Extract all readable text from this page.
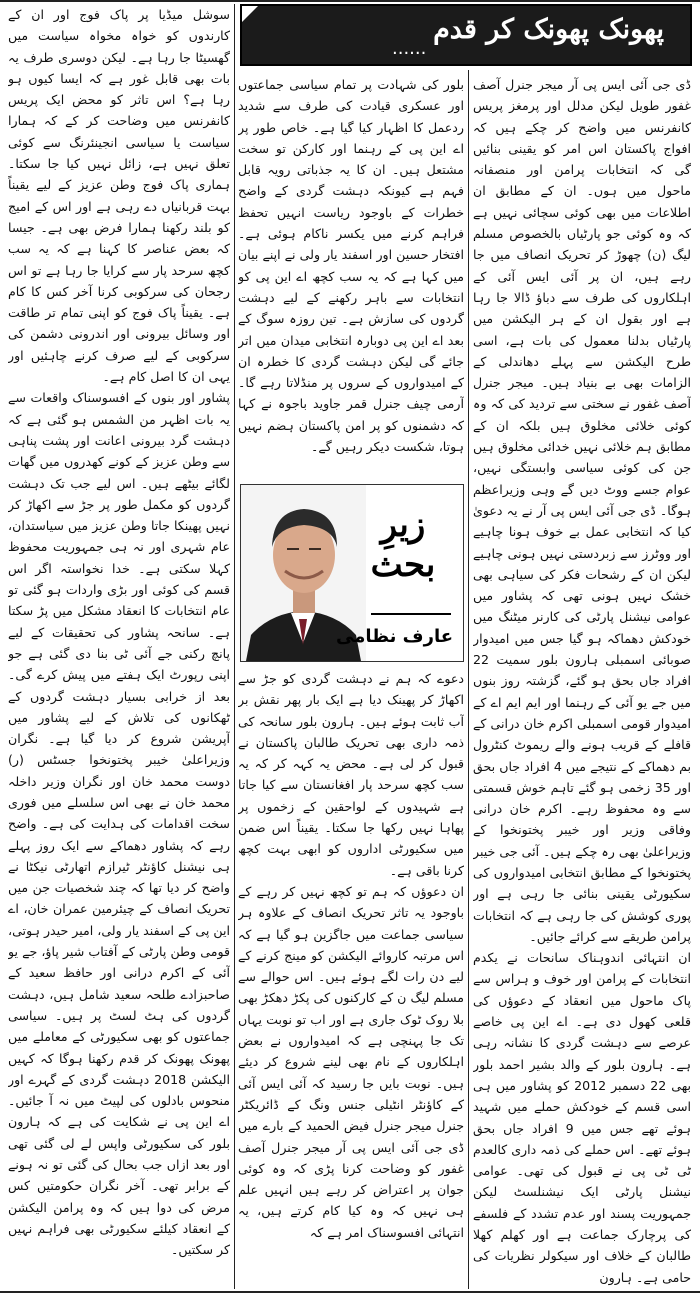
پھونک پھونک کر قدم
......

ڈی جی آئی ایس پی آر میجر جنرل آصف غفور طویل لیکن مدلل اور پرمغز پریس کانفرنس میں واضح کر چکے ہیں کہ افواج پاکستان اس امر کو یقینی بنائیں گی کہ انتخابات پرامن اور منصفانہ ماحول میں ہوں۔ ان کے مطابق ان اطلاعات میں بھی کوئی سچائی نہیں ہے کہ وہ کوئی جو پارٹیاں بالخصوص مسلم لیگ (ن) چھوڑ کر تحریک انصاف میں جا رہے ہیں، ان پر آئی ایس آئی کے اہلکاروں کی طرف سے دباؤ ڈالا جا رہا ہے اور بقول ان کے ہر الیکشن میں پارٹیاں بدلنا معمول کی بات ہے، اسی طرح الیکشن سے پہلے دھاندلی کے الزامات بھی بے بنیاد ہیں۔ میجر جنرل آصف غفور نے سختی سے تردید کی کہ وہ کوئی خلائی مخلوق ہیں بلکہ ان کے مطابق ہم خلائی نہیں خدائی مخلوق ہیں جن کی کوئی سیاسی وابستگی نہیں، عوام جسے ووٹ دیں گے وہی وزیراعظم ہوگا۔ ڈی جی آئی ایس پی آر نے یہ دعویٰ کیا کہ انتخابی عمل بے خوف ہونا چاہیے اور ووٹرز سے زبردستی نہیں ہونی چاہیے لیکن ان کے رشحات فکر کی سیاہی بھی خشک نہیں ہونی تھی کہ پشاور میں عوامی نیشنل پارٹی کی کارنر میٹنگ میں خودکش دھماکہ ہو گیا جس میں امیدوار صوبائی اسمبلی ہارون بلور سمیت 22 افراد جاں بحق ہو گئے، گزشتہ روز بنوں میں جے یو آئی کے رہنما اور ایم ایم اے کے امیدوار قومی اسمبلی اکرم خان درانی کے قافلے کے قریب ہونے والے ریموٹ کنٹرول بم دھماکے کے نتیجے میں 4 افراد جاں بحق اور 35 زخمی ہو گئے تاہم خوش قسمتی سے وہ محفوظ رہے۔ اکرم خان درانی وفاقی وزیر اور خیبر پختونخوا کے وزیراعلیٰ بھی رہ چکے ہیں۔ آئی جی خیبر پختونخوا کے مطابق انتخابی امیدواروں کی سکیورٹی یقینی بنائی جا رہی ہے اور پوری کوشش کی جا رہی ہے کہ انتخابات پرامن طریقے سے کرائے جائیں۔

ان انتہائی اندوہناک سانحات نے یکدم انتخابات کے پرامن اور خوف و ہراس سے پاک ماحول میں انعقاد کے دعوؤں کی قلعی کھول دی ہے۔ اے این پی خاصے عرصے سے دہشت گردی کا نشانہ رہی ہے۔ ہارون بلور کے والد بشیر احمد بلور بھی 22 دسمبر 2012 کو پشاور میں ہی اسی قسم کے خودکش حملے میں شہید ہوئے تھے جس میں 9 افراد جاں بحق ہوئے تھے۔ اس حملے کی ذمہ داری کالعدم ٹی ٹی پی نے قبول کی تھی۔ عوامی نیشنل پارٹی ایک نیشنلسٹ لیکن جمہوریت پسند اور عدم تشدد کے فلسفے کی پرچارک جماعت ہے اور کھلم کھلا طالبان کے خلاف اور سیکولر نظریات کی حامی ہے۔ ہارون

بلور کی شہادت پر تمام سیاسی جماعتوں اور عسکری قیادت کی طرف سے شدید ردعمل کا اظہار کیا گیا ہے۔ خاص طور پر اے این پی کے رہنما اور کارکن تو سخت مشتعل ہیں۔ ان کا یہ جذباتی رویہ قابل فہم ہے کیونکہ دہشت گردی کے واضح خطرات کے باوجود ریاست انہیں تحفظ فراہم کرنے میں یکسر ناکام ہوئی ہے۔ افتخار حسین اور اسفند یار ولی نے اپنے بیان میں کہا ہے کہ یہ سب کچھ اے این پی کو انتخابات سے باہر رکھنے کے لیے دہشت گردوں کی سازش ہے۔ تین روزہ سوگ کے بعد اے این پی دوبارہ انتخابی میدان میں اتر جائے گی لیکن دہشت گردی کا خطرہ ان کے امیدواروں کے سروں پر منڈلاتا رہے گا۔ آرمی چیف جنرل قمر جاوید باجوہ نے کہا کہ دشمنوں کو پر امن پاکستان ہضم نہیں ہوتا، شکست دیکر رہیں گے۔

زیرِ بحث
عارف نظامی

دعوے کہ ہم نے دہشت گردی کو جڑ سے اکھاڑ کر پھینک دیا ہے ایک بار پھر نقش بر آب ثابت ہوئے ہیں۔ ہارون بلور سانحہ کی ذمہ داری بھی تحریک طالبان پاکستان نے قبول کر لی ہے۔ محض یہ کہہ کر کہ یہ سب کچھ سرحد پار افغانستان سے کیا جاتا ہے شہیدوں کے لواحقین کے زخموں پر پھاہا نہیں رکھا جا سکتا۔ یقیناً اس ضمن میں سکیورٹی اداروں کو ابھی بہت کچھ کرنا باقی ہے۔

ان دعوؤں کہ ہم تو کچھ نہیں کر رہے کے باوجود یہ تاثر تحریک انصاف کے علاوہ ہر سیاسی جماعت میں جاگزین ہو گیا ہے کہ اس مرتبہ کاروائے الیکشن کو مینج کرنے کے لیے دن رات لگے ہوئے ہیں۔ اس حوالے سے مسلم لیگ ن کے کارکنوں کی پکڑ دھکڑ بھی بلا روک ٹوک جاری ہے اور اب تو نوبت یہاں تک جا پہنچی ہے کہ امیدواروں نے بعض اہلکاروں کے نام بھی لینے شروع کر دیئے ہیں۔ نوبت بایں جا رسید کہ آئی ایس آئی کے کاؤنٹر انٹیلی جنس ونگ کے ڈائریکٹر جنرل میجر جنرل فیض الحمید کے بارے میں ڈی جی آئی ایس پی آر میجر جنرل آصف غفور کو وضاحت کرنا پڑی کہ وہ کوئی جوان پر اعتراض کر رہے ہیں انہیں علم ہی نہیں کہ وہ کیا کام کرتے ہیں، یہ انتہائی افسوسناک امر ہے کہ

سوشل میڈیا پر پاک فوج اور ان کے کارندوں کو خواہ مخواہ سیاست میں گھسیٹا جا رہا ہے۔ لیکن دوسری طرف یہ بات بھی قابل غور ہے کہ ایسا کیوں ہو رہا ہے؟ اس تاثر کو محض ایک پریس کانفرنس میں وضاحت کر کے کہ ہمارا سیاست یا سیاسی انجینئرنگ سے کوئی تعلق نہیں ہے، زائل نہیں کیا جا سکتا۔ ہماری پاک فوج وطن عزیز کے لیے یقیناً بہت قربانیاں دے رہی ہے اور اس کے امیج کو بلند رکھنا ہمارا فرض بھی ہے۔ جیسا کہ بعض عناصر کا کہنا ہے کہ یہ سب کچھ سرحد پار سے کرایا جا رہا ہے تو اس رجحان کی سرکوبی کرنا آخر کس کا کام ہے۔ یقیناً پاک فوج کو اپنی تمام تر طاقت اور وسائل بیرونی اور اندرونی دشمن کی سرکوبی کے لیے صرف کرنے چاہئیں اور یہی ان کا اصل کام ہے۔

پشاور اور بنوں کے افسوسناک واقعات سے یہ بات اظہر من الشمس ہو گئی ہے کہ دہشت گرد بیرونی اعانت اور پشت پناہی سے وطن عزیز کے کونے کھدروں میں گھات لگائے بیٹھے ہیں۔ اس لیے جب تک دہشت گردوں کو مکمل طور پر جڑ سے اکھاڑ کر نہیں پھینکا جاتا وطن عزیز میں سیاستدان، عام شہری اور نہ ہی جمہوریت محفوظ کہلا سکتی ہے۔ خدا نخواستہ اگر اس قسم کی کوئی اور بڑی واردات ہو گئی تو عام انتخابات کا انعقاد مشکل میں پڑ سکتا ہے۔ سانحہ پشاور کی تحقیقات کے لیے پانچ رکنی جے آئی ٹی بنا دی گئی ہے جو اپنی رپورٹ ایک ہفتے میں پیش کرے گی۔ بعد از خرابی بسیار دہشت گردوں کے ٹھکانوں کی تلاش کے لیے پشاور میں آپریشن شروع کر دیا گیا ہے۔ نگران وزیراعلیٰ خیبر پختونخوا جسٹس (ر) دوست محمد خان اور نگران وزیر داخلہ محمد خان نے بھی اس سلسلے میں فوری سخت اقدامات کی ہدایت کی ہے۔ واضح رہے کہ پشاور دھماکے سے ایک روز پہلے ہی نیشنل کاؤنٹر ٹیرازم اتھارٹی نیکٹا نے واضح کر دیا تھا کہ چند شخصیات جن میں تحریک انصاف کے چیئرمین عمران خان، اے این پی کے اسفند یار ولی، امیر حیدر ہوتی، قومی وطن پارٹی کے آفتاب شیر پاؤ، جے یو آئی کے اکرم درانی اور حافظ سعید کے صاحبزادے طلحہ سعید شامل ہیں، دہشت گردوں کی ہٹ لسٹ پر ہیں۔ سیاسی جماعتوں کو بھی سکیورٹی کے معاملے میں پھونک پھونک کر قدم رکھنا ہوگا کہ کہیں الیکشن 2018 دہشت گردی کے گہرے اور منحوس بادلوں کی لپیٹ میں نہ آ جائیں۔ اے این پی نے شکایت کی ہے کہ ہارون بلور کی سکیورٹی واپس لے لی گئی تھی اور بعد ازاں جب بحال کی گئی تو نہ ہونے کے برابر تھی۔ آخر نگران حکومتیں کس مرض کی دوا ہیں کہ وہ پرامن الیکشن کے انعقاد کیلئے سکیورٹی بھی فراہم نہیں کر سکتیں۔
